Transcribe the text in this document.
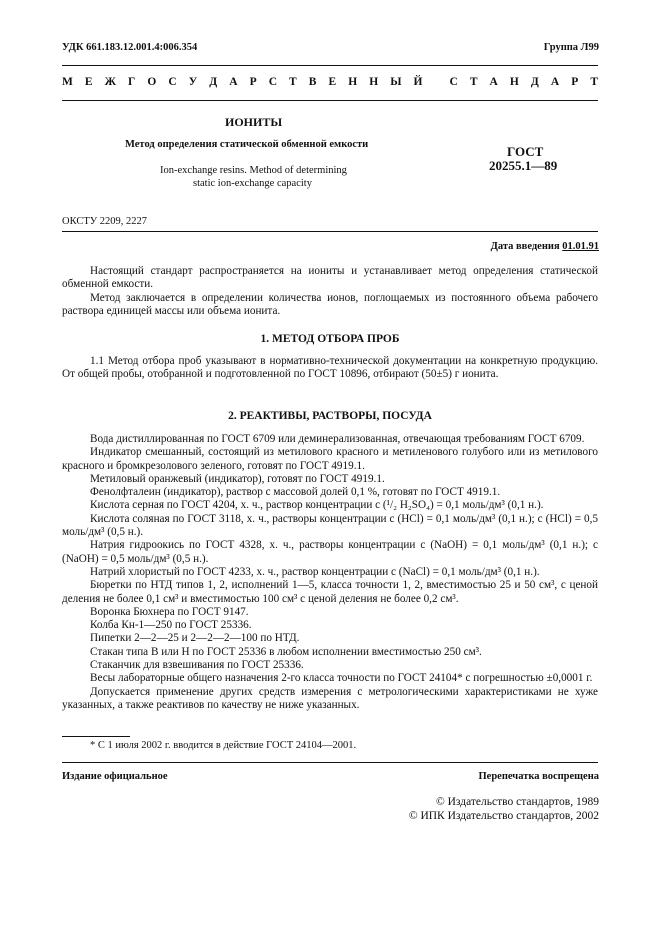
УДК 661.183.12.001.4:006.354	Группа Л99
М Е Ж Г О С У Д А Р С Т В Е Н Н Ы Й
С Т А Н Д А Р Т
ИОНИТЫ
Метод определения статической обменной емкости
Ion-exchange resins. Method of determining
static ion-exchange capacity
ГОСТ
20255.1—89
ОКСТУ 2209, 2227
Дата введения 01.01.91

Настоящий стандарт распространяется на иониты и устанавливает метод определения статической обменной емкости.

Метод заключается в определении количества ионов, поглощаемых из постоянного объема рабочего раствора единицей массы или объема ионита.

1. МЕТОД ОТБОРА ПРОБ

1.1 Метод отбора проб указывают в нормативно-технической документации на конкретную продукцию. От общей пробы, отобранной и подготовленной по ГОСТ 10896, отбирают (50±5) г ионита.

2. РЕАКТИВЫ, РАСТВОРЫ, ПОСУДА

Вода дистиллированная по ГОСТ 6709 или деминерализованная, отвечающая требованиям ГОСТ 6709.

Индикатор смешанный, состоящий из метилового красного и метиленового голубого или из метилового красного и бромкрезолового зеленого, готовят по ГОСТ 4919.1.

Метиловый оранжевый (индикатор), готовят по ГОСТ 4919.1.

Фенолфталеин (индикатор), раствор с массовой долей 0,1 %, готовят по ГОСТ 4919.1.

Кислота серная по ГОСТ 4204, х. ч., раствор концентрации c (¹/₂ H₂SO₄) = 0,1 моль/дм³ (0,1 н.).

Кислота соляная по ГОСТ 3118, х. ч., растворы концентрации c (HCl) = 0,1 моль/дм³ (0,1 н.); c (HCl) = 0,5 моль/дм³ (0,5 н.).

Натрия гидроокись по ГОСТ 4328, х. ч., растворы концентрации c (NaOH) = 0,1 моль/дм³ (0,1 н.); c (NaOH) = 0,5 моль/дм³ (0,5 н.).

Натрий хлористый по ГОСТ 4233, х. ч., раствор концентрации c (NaCl) = 0,1 моль/дм³ (0,1 н.).

Бюретки по НТД типов 1, 2, исполнений 1—5, класса точности 1, 2, вместимостью 25 и 50 см³, с ценой деления не более 0,1 см³ и вместимостью 100 см³ с ценой деления не более 0,2 см³.

Воронка Бюхнера по ГОСТ 9147.

Колба Кн-1—250 по ГОСТ 25336.

Пипетки 2—2—25 и 2—2—2—100 по НТД.

Стакан типа В или Н по ГОСТ 25336 в любом исполнении вместимостью 250 см³.

Стаканчик для взвешивания по ГОСТ 25336.

Весы лабораторные общего назначения 2-го класса точности по ГОСТ 24104* с погрешностью ±0,0001 г.

Допускается применение других средств измерения с метрологическими характеристиками не хуже указанных, а также реактивов по качеству не ниже указанных.

* С 1 июля 2002 г. вводится в действие ГОСТ 24104—2001.
Издание официальное	Перепечатка воспрещена
© Издательство стандартов, 1989
© ИПК Издательство стандартов, 2002
